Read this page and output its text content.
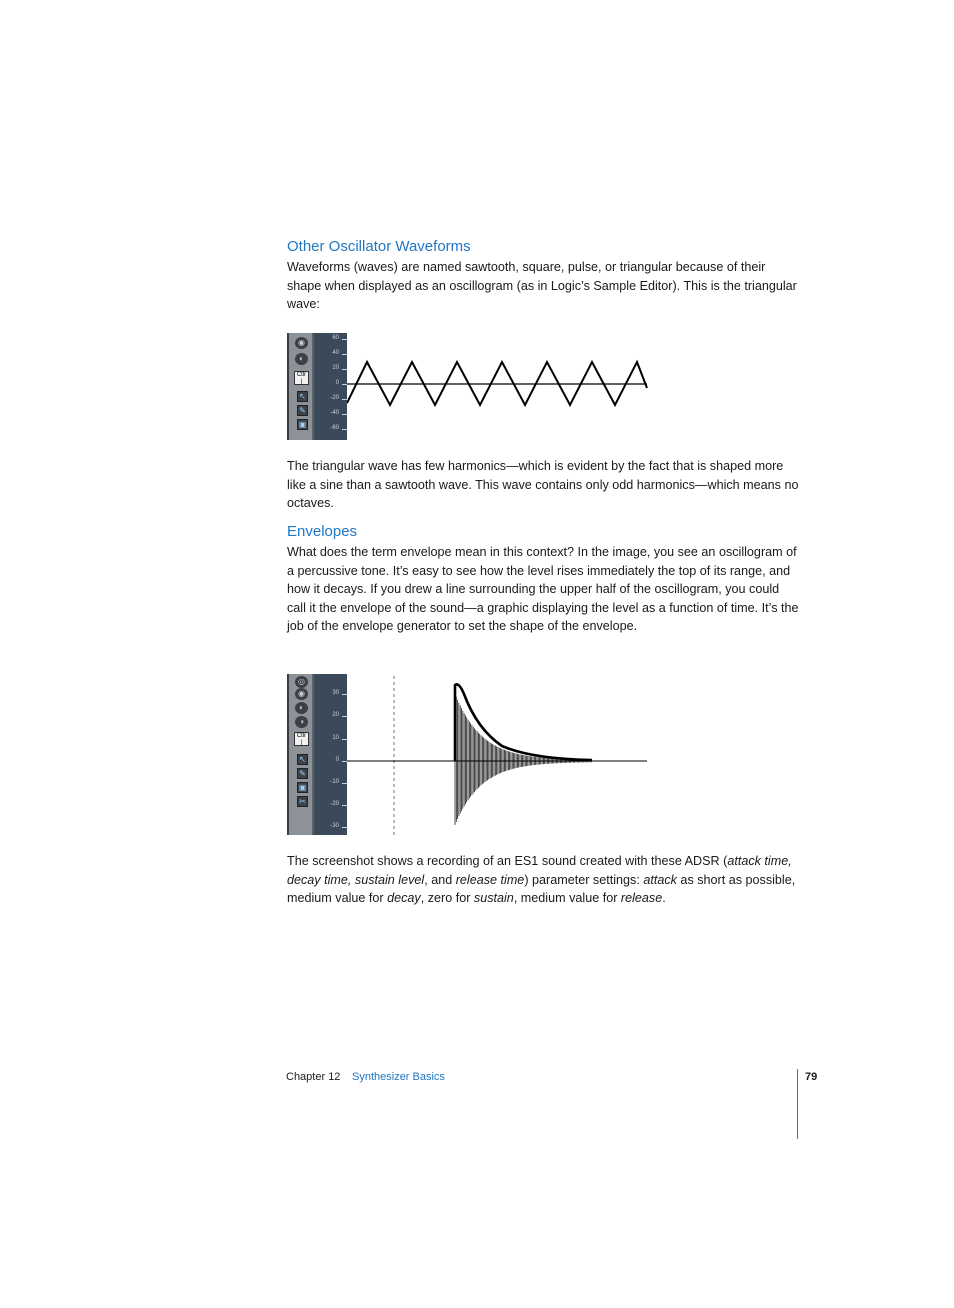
Other Oscillator Waveforms

Waveforms (waves) are named sawtooth, square, pulse, or triangular because of their shape when displayed as an oscillogram (as in Logic’s Sample Editor). This is the triangular wave:

◉
◐
Ctlr
|
↖
✎
▣
60
40
20
0
-20
-40
-60

The triangular wave has few harmonics—which is evident by the fact that is shaped more like a sine than a sawtooth wave. This wave contains only odd harmonics—which means no octaves.

Envelopes

What does the term envelope mean in this context? In the image, you see an oscillogram of a percussive tone. It’s easy to see how the level rises immediately the top of its range, and how it decays. If you drew a line surrounding the upper half of the oscillogram, you could call it the envelope of the sound—a graphic displaying the level as a function of time. It’s the job of the envelope generator to set the shape of the envelope.

◎
◉
◐
◑
Ctlr
|
↖
✎
▣
✂
30
20
10
0
-10
-20
-30

The screenshot shows a recording of an ES1 sound created with these ADSR (attack time, decay time, sustain level, and release time) parameter settings: attack as short as possible, medium value for decay, zero for sustain, medium value for release.

Chapter 12 Synthesizer Basics	79
